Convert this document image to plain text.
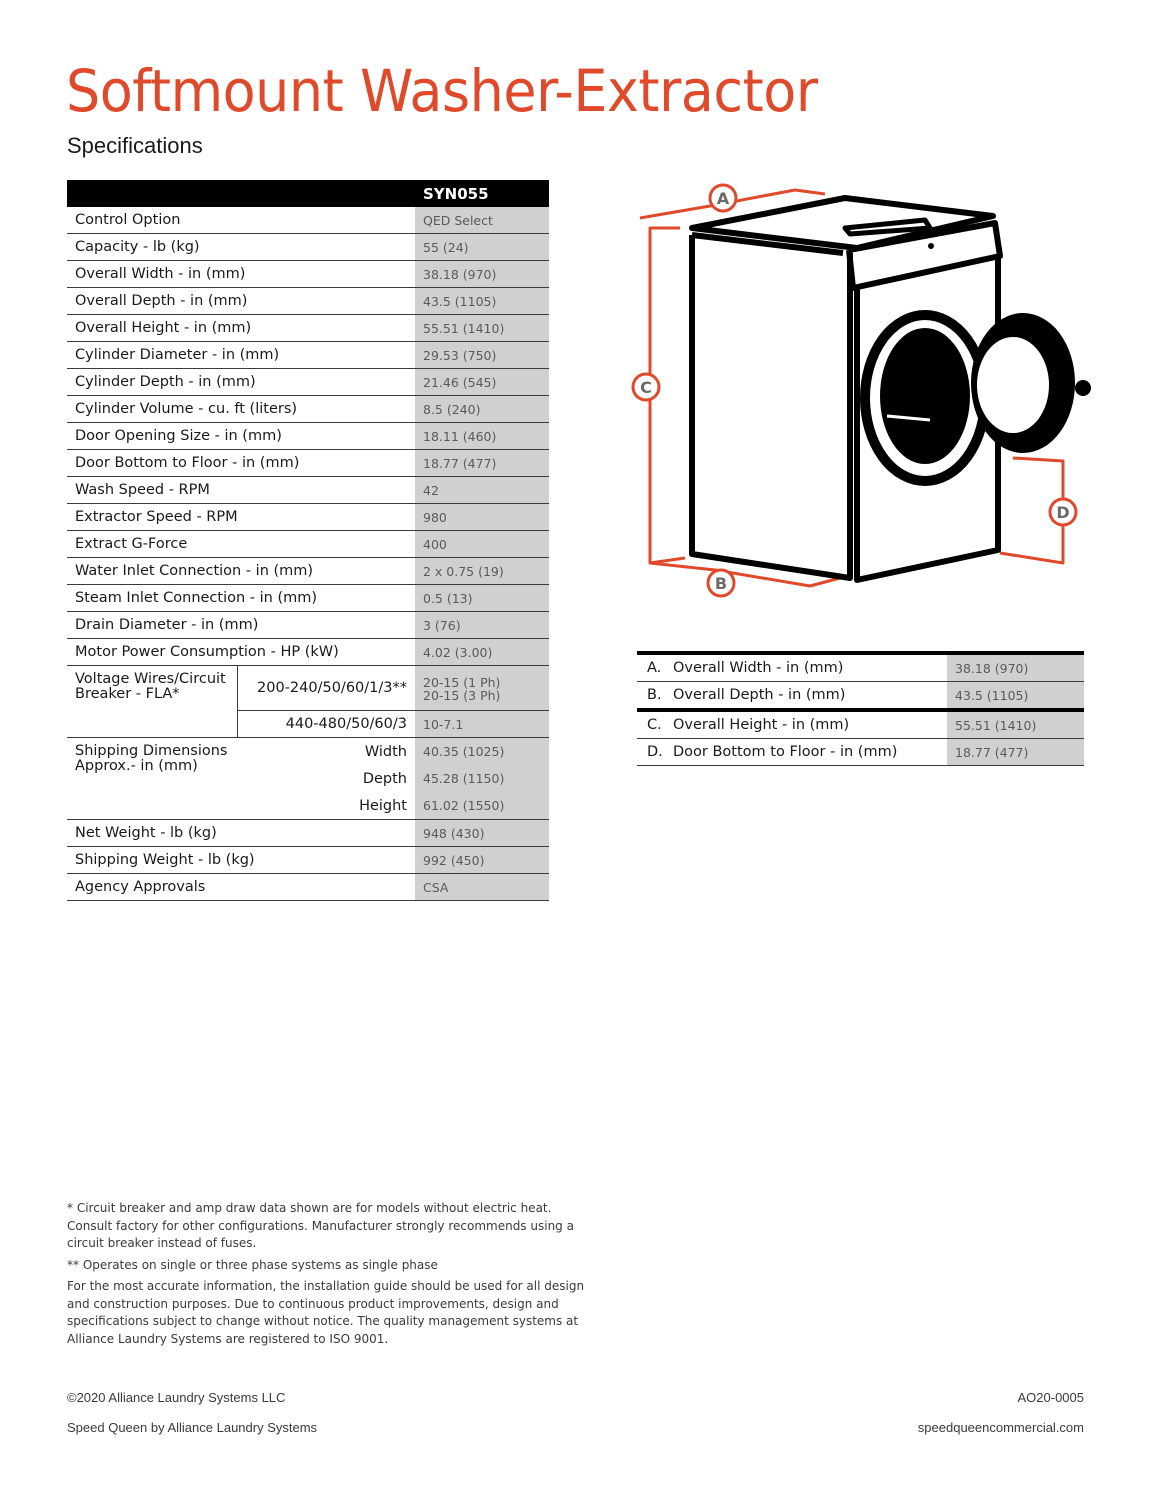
Softmount Washer-Extractor
Specifications
		SYN055
Control Option		QED Select
Capacity - lb (kg)		55 (24)
Overall Width - in (mm)		38.18 (970)
Overall Depth - in (mm)		43.5 (1105)
Overall Height - in (mm)		55.51 (1410)
Cylinder Diameter - in (mm)		29.53 (750)
Cylinder Depth - in (mm)		21.46 (545)
Cylinder Volume - cu. ft (liters)		8.5 (240)
Door Opening Size - in (mm)		18.11 (460)
Door Bottom to Floor - in (mm)		18.77 (477)
Wash Speed - RPM		42
Extractor Speed - RPM		980
Extract G-Force		400
Water Inlet Connection - in (mm)		2 x 0.75 (19)
Steam Inlet Connection - in (mm)		0.5 (13)
Drain Diameter - in (mm)		3 (76)
Motor Power Consumption - HP (kW)		4.02 (3.00)
Voltage Wires/Circuit Breaker - FLA*	200-240/50/60/1/3**	20-15 (1 Ph)
20-15 (3 Ph)

	440-480/50/60/3	10-7.1
Shipping Dimensions Approx.- in (mm)	Width	40.35 (1025)
	Depth	45.28 (1150)
	Height	61.02 (1550)
Net Weight - lb (kg)		948 (430)
Shipping Weight - lb (kg)		992 (450)
Agency Approvals		CSA
A
B
C
D
A.	Overall Width - in (mm)	38.18 (970)
B.	Overall Depth - in (mm)	43.5 (1105)
C.	Overall Height - in (mm)	55.51 (1410)
D.	Door Bottom to Floor - in (mm)	18.77 (477)

* Circuit breaker and amp draw data shown are for models without electric heat. Consult factory for other configurations. Manufacturer strongly recommends using a circuit breaker instead of fuses.

** Operates on single or three phase systems as single phase

For the most accurate information, the installation guide should be used for all design and construction purposes. Due to continuous product improvements, design and specifications subject to change without notice. The quality management systems at Alliance Laundry Systems are registered to ISO 9001.

©2020 Alliance Laundry Systems LLC	AO20-0005
Speed Queen by Alliance Laundry Systems	speedqueencommercial.com
